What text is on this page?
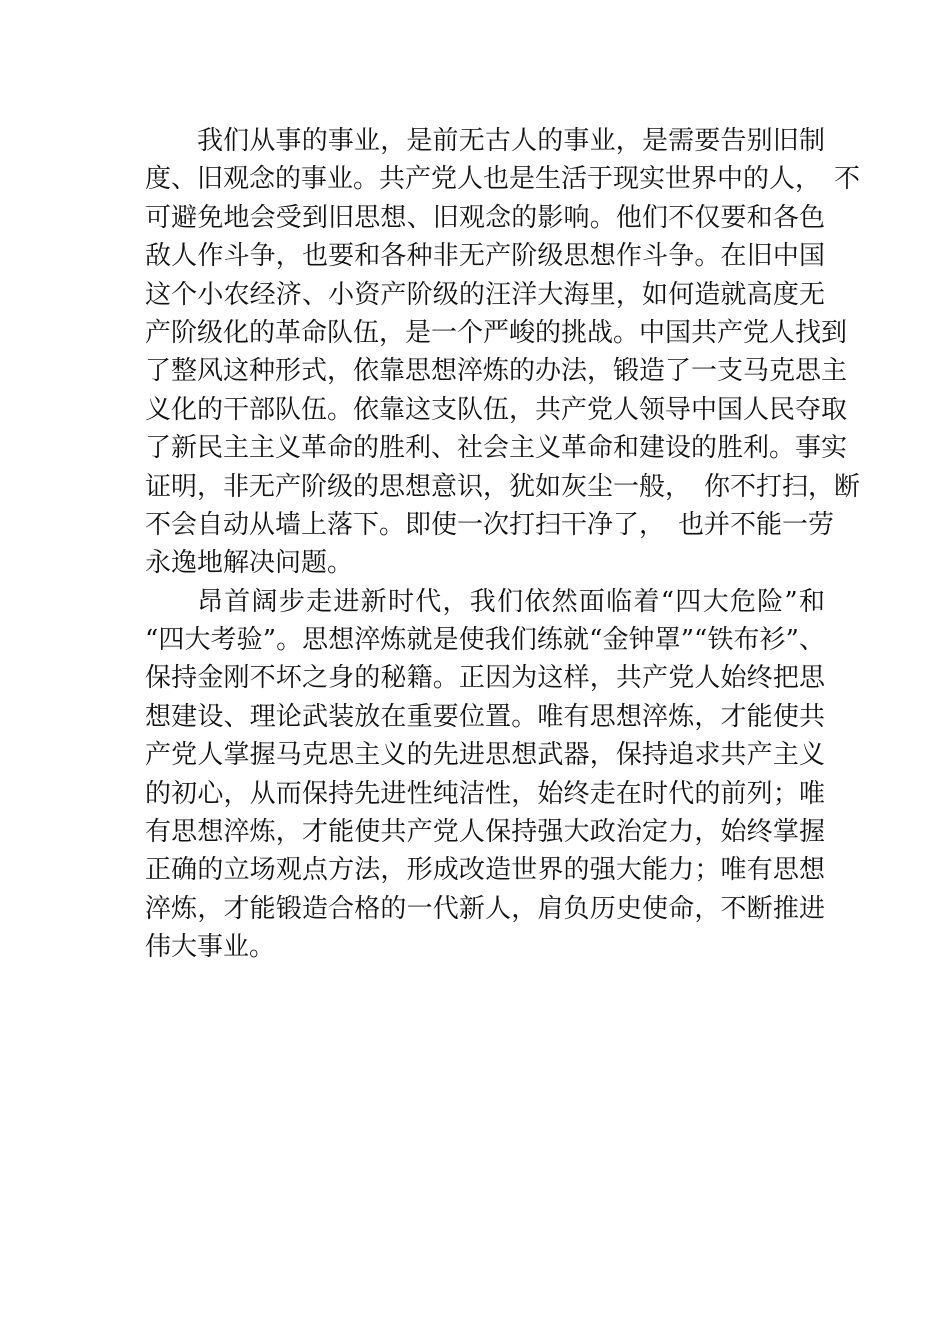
我们从事的事业，是前无古人的事业，是需要告别旧制
度、旧观念的事业。共产党人也是生活于现实世界中的人，　不
可避免地会受到旧思想、旧观念的影响。他们不仅要和各色
敌人作斗争，也要和各种非无产阶级思想作斗争。在旧中国
这个小农经济、小资产阶级的汪洋大海里，如何造就高度无
产阶级化的革命队伍，是一个严峻的挑战。中国共产党人找到
了整风这种形式，依靠思想淬炼的办法，锻造了一支马克思主
义化的干部队伍。依靠这支队伍，共产党人领导中国人民夺取
了新民主主义革命的胜利、社会主义革命和建设的胜利。事实
证明，非无产阶级的思想意识，犹如灰尘一般，　你不打扫，断
不会自动从墙上落下。即使一次打扫干净了，　也并不能一劳
永逸地解决问题。
昂首阔步走进新时代，我们依然面临着“四大危险”和
“四大考验”。思想淬炼就是使我们练就“金钟罩”“铁布衫”、
保持金刚不坏之身的秘籍。正因为这样，共产党人始终把思
想建设、理论武装放在重要位置。唯有思想淬炼，才能使共
产党人掌握马克思主义的先进思想武器，保持追求共产主义
的初心，从而保持先进性纯洁性，始终走在时代的前列；唯
有思想淬炼，才能使共产党人保持强大政治定力，始终掌握
正确的立场观点方法，形成改造世界的强大能力；唯有思想
淬炼，才能锻造合格的一代新人，肩负历史使命，不断推进
伟大事业。
